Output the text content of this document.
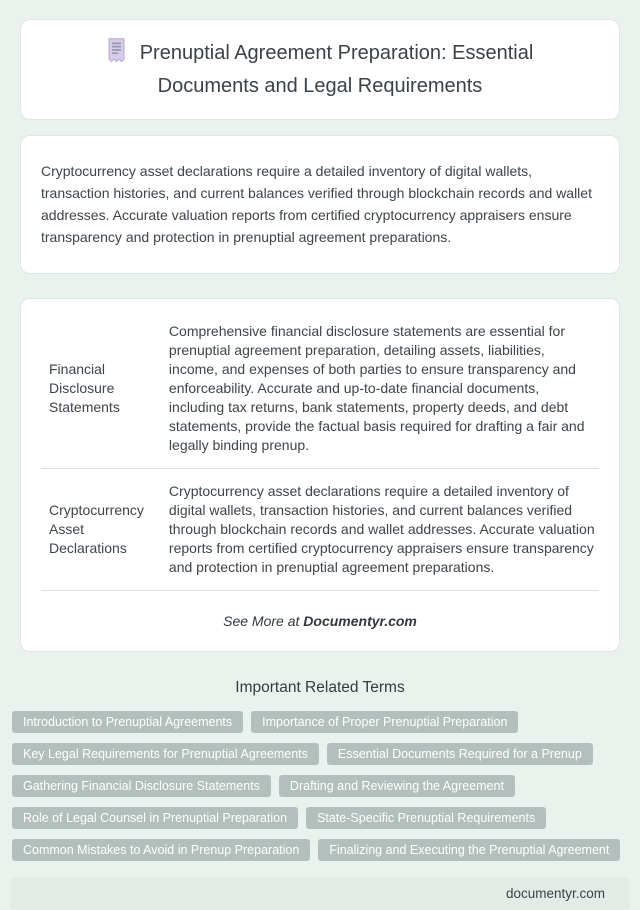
Prenuptial Agreement Preparation: Essential Documents and Legal Requirements

Cryptocurrency asset declarations require a detailed inventory of digital wallets, transaction histories, and current balances verified through blockchain records and wallet addresses. Accurate valuation reports from certified cryptocurrency appraisers ensure transparency and protection in prenuptial agreement preparations.

Financial Disclosure Statements	Comprehensive financial disclosure statements are essential for prenuptial agreement preparation, detailing assets, liabilities, income, and expenses of both parties to ensure transparency and enforceability. Accurate and up-to-date financial documents, including tax returns, bank statements, property deeds, and debt statements, provide the factual basis required for drafting a fair and legally binding prenup.
Cryptocurrency Asset Declarations	Cryptocurrency asset declarations require a detailed inventory of digital wallets, transaction histories, and current balances verified through blockchain records and wallet addresses. Accurate valuation reports from certified cryptocurrency appraisers ensure transparency and protection in prenuptial agreement preparations.
See More at Documentyr.com
Important Related Terms
Introduction to Prenuptial Agreements	Importance of Proper Prenuptial Preparation
Key Legal Requirements for Prenuptial Agreements	Essential Documents Required for a Prenup
Gathering Financial Disclosure Statements	Drafting and Reviewing the Agreement
Role of Legal Counsel in Prenuptial Preparation	State-Specific Prenuptial Requirements
Common Mistakes to Avoid in Prenup Preparation	Finalizing and Executing the Prenuptial Agreement
documentyr.com
